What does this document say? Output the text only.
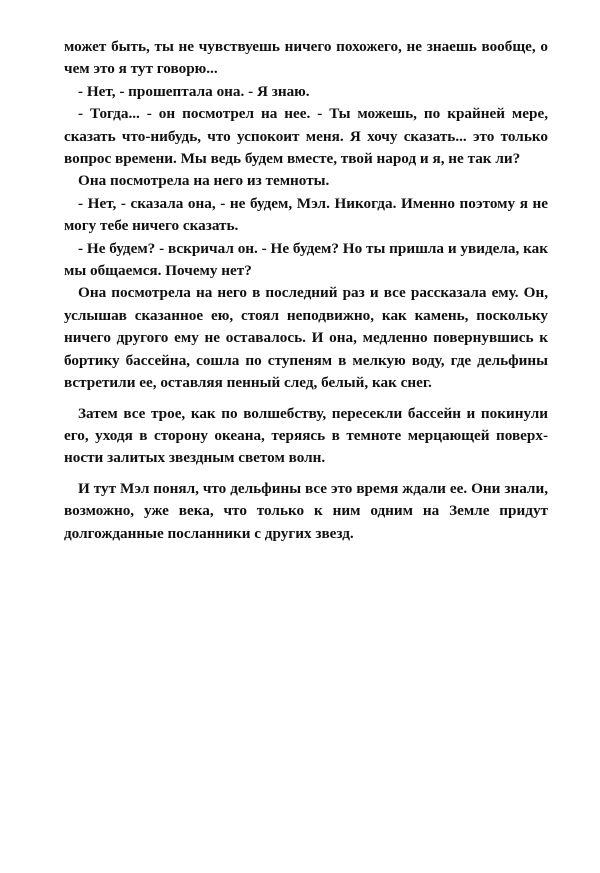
может быть, ты не чувствуешь ничего похожего, не знаешь вообще, о чем это я тут говорю...

- Нет, - прошептала она. - Я знаю.

- Тогда... - он посмотрел на нее. - Ты можешь, по крайней мере, сказать что-нибудь, что успокоит меня. Я хочу сказать... это только вопрос времени. Мы ведь будем вместе, твой народ и я, не так ли?

Она посмотрела на него из темноты.

- Нет, - сказала она, - не будем, Мэл. Никогда. Именно поэтому я не могу тебе ничего сказать.

- Не будем? - вскричал он. - Не будем? Но ты пришла и увидела, как мы общаемся. Почему нет?

Она посмотрела на него в последний раз и все рассказала ему. Он, услышав сказанное ею, стоял неподвижно, как камень, поскольку ничего другого ему не оставалось. И она, медленно повернувшись к бортику бассейна, сошла по ступеням в мелкую воду, где дельфины встретили ее, оставляя пенный след, белый, как снег.

Затем все трое, как по волшебству, пересекли бассейн и покинули его, уходя в сторону океана, теряясь в темноте мерцающей поверхности залитых звездным светом волн.

И тут Мэл понял, что дельфины все это время ждали ее. Они знали, возможно, уже века, что только к ним одним на Земле придут долгожданные посланники с других звезд.
